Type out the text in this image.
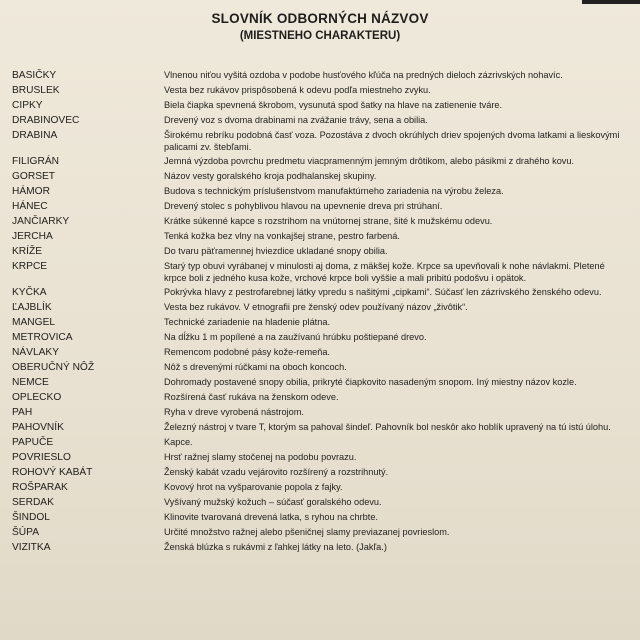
SLOVNÍK ODBORNÝCH NÁZVOV
(MIESTNEHO CHARAKTERU)
BASIČKY	Vlnenou niťou vyšitá ozdoba v podobe husťového kľúča na predných dieloch zázrivských nohavíc.
BRUSLEK	Vesta bez rukávov prispôsobená k odevu podľa miestneho zvyku.
CIPKY	Biela čiapka spevnená škrobom, vysunutá spod šatky na hlave na zatienenie tváre.
DRABINOVEC	Drevený voz s dvoma drabinami na zvážanie trávy, sena a obilia.
DRABINA	Širokému rebríku podobná časť voza. Pozostáva z dvoch okrúhlych driev spojených dvoma latkami a lieskovými palicami zv. štebľami.
FILIGRÁN	Jemná výzdoba povrchu predmetu viacpramenným jemným drôtikom, alebo pásikmi z drahého kovu.
GORSET	Názov vesty goralského kroja podhalanskej skupiny.
HÁMOR	Budova s technickým príslušenstvom manufaktúrneho zariadenia na výrobu železa.
HÁNEC	Drevený stolec s pohyblivou hlavou na upevnenie dreva pri strúhaní.
JANČIARKY	Krátke súkenné kapce s rozstrihom na vnútornej strane, šité k mužskému odevu.
JERCHA	Tenká kožka bez vlny na vonkajšej strane, pestro farbená.
KRÍŽE	Do tvaru päťramennej hviezdice ukladané snopy obilia.
KRPCE	Starý typ obuvi vyrábanej v minulosti aj doma, z mäkšej kože. Krpce sa upevňovali k nohe návlakmi. Pletené krpce boli z jedného kusa kože, vrchové krpce boli vyššie a mali pribitú podošvu i opätok.
KYČKA	Pokrývka hlavy z pestrofarebnej látky vpredu s našitými „cipkami“. Súčasť len zázrivského ženského odevu.
ĽAJBLÍK	Vesta bez rukávov. V etnografii pre ženský odev používaný názov „živôtik“.
MANGEL	Technické zariadenie na hladenie plátna.
METROVICA	Na dĺžku 1 m popílené a na zaužívanú hrúbku poštiepané drevo.
NÁVLAKY	Remencom podobné pásy kože-remeňa.
OBERUČNÝ NÔŽ	Nôž s drevenými rúčkami na oboch koncoch.
NEMCE	Dohromady postavené snopy obilia, prikryté čiapkovito nasadeným snopom. Iný miestny názov kozle.
OPLECKO	Rozšírená časť rukáva na ženskom odeve.
PAH	Ryha v dreve vyrobená nástrojom.
PAHOVNÍK	Železný nástroj v tvare T, ktorým sa pahoval šindeľ. Pahovník bol neskôr ako hoblík upravený na tú istú úlohu.
PAPUČE	Kapce.
POVRIESLO	Hrsť ražnej slamy stočenej na podobu povrazu.
ROHOVÝ KABÁT	Ženský kabát vzadu vejárovito rozšírený a rozstrihnutý.
ROŠPARAK	Kovový hrot na vyšparovanie popola z fajky.
SERDAK	Vyšívaný mužský kožuch – súčasť goralského odevu.
ŠINDOL	Klinovite tvarovaná drevená latka, s ryhou na chrbte.
ŠÚPA	Určité množstvo ražnej alebo pšeničnej slamy previazanej povrieslom.
VIZITKA	Ženská blúzka s rukávmi z ľahkej látky na leto. (Jakľa.)
